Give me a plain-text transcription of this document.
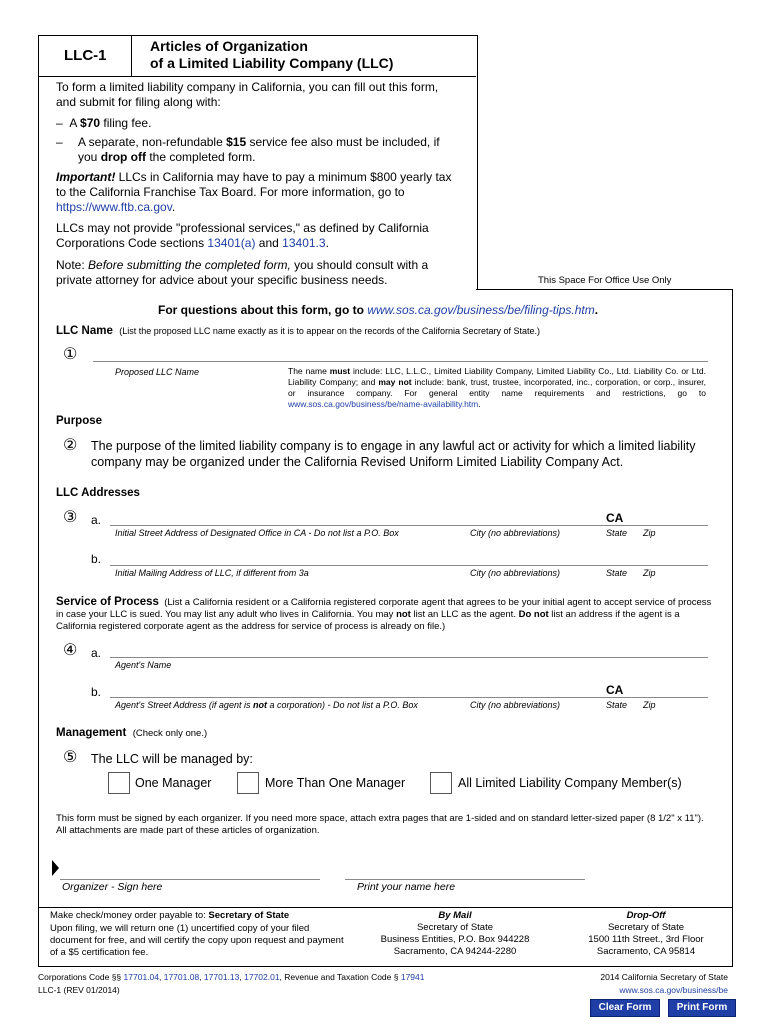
LLC-1
Articles of Organization
of a Limited Liability Company (LLC)
To form a limited liability company in California, you can fill out this form, and submit for filing along with:
–  A $70 filing fee.
–	A separate, non-refundable $15 service fee also must be included, if you drop off the completed form.
Important! LLCs in California may have to pay a minimum $800 yearly tax to the California Franchise Tax Board. For more information, go to https://www.ftb.ca.gov.
LLCs may not provide "professional services," as defined by California Corporations Code sections 13401(a) and 13401.3.
Note: Before submitting the completed form, you should consult with a private attorney for advice about your specific business needs.	This Space For Office Use Only
For questions about this form, go to www.sos.ca.gov/business/be/filing-tips.htm.
LLC Name (List the proposed LLC name exactly as it is to appear on the records of the California Secretary of State.)
①
Proposed LLC Name	The name must include: LLC, L.L.C., Limited Liability Company, Limited Liability Co., Ltd. Liability Co. or Ltd. Liability Company; and may not include: bank, trust, trustee, incorporated, inc., corporation, or corp., insurer, or insurance company. For general entity name requirements and restrictions, go to www.sos.ca.gov/business/be/name-availability.htm.
Purpose
② The purpose of the limited liability company is to engage in any lawful act or activity for which a limited liability company may be organized under the California Revised Uniform Limited Liability Company Act.
LLC Addresses
③ a.	CA
Initial Street Address of Designated Office in CA - Do not list a P.O. Box	City (no abbreviations)	State Zip
b.
Initial Mailing Address of LLC, if different from 3a	City (no abbreviations)	State Zip
Service of Process (List a California resident or a California registered corporate agent that agrees to be your initial agent to accept service of process in case your LLC is sued. You may list any adult who lives in California. You may not list an LLC as the agent. Do not list an address if the agent is a California registered corporate agent as the address for service of process is already on file.)
④ a.
Agent's Name
b.	CA
Agent's Street Address (if agent is not a corporation) - Do not list a P.O. Box	City (no abbreviations)	State Zip
Management (Check only one.)
⑤ The LLC will be managed by:
One Manager	More Than One Manager	All Limited Liability Company Member(s)
This form must be signed by each organizer. If you need more space, attach extra pages that are 1-sided and on standard letter-sized paper (8 1/2" x 11"). All attachments are made part of these articles of organization.
Organizer - Sign here	Print your name here
Make check/money order payable to: Secretary of State
Upon filing, we will return one (1) uncertified copy of your filed document for free, and will certify the copy upon request and payment of a $5 certification fee.
By Mail
Secretary of State
Business Entities, P.O. Box 944228
Sacramento, CA 94244-2280
Drop-Off
Secretary of State
1500 11th Street., 3rd Floor
Sacramento, CA 95814
Corporations Code §§ 17701.04, 17701.08, 17701.13, 17702.01, Revenue and Taxation Code § 17941
LLC-1 (REV 01/2014)
2014 California Secretary of State
www.sos.ca.gov/business/be
Clear Form	Print Form
